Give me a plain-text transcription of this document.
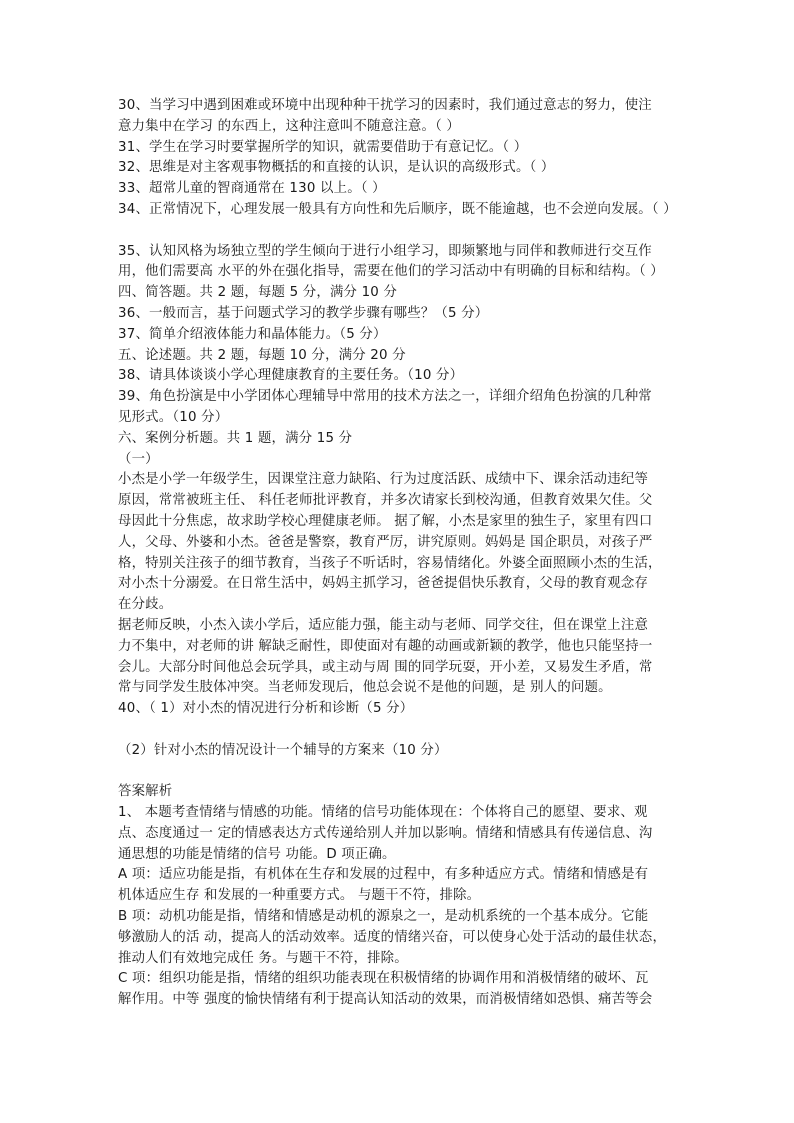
30、当学习中遇到困难或环境中出现种种干扰学习的因素时，我们通过意志的努力，使注
意力集中在学习 的东西上，这种注意叫不随意注意。（ ）
31、学生在学习时要掌握所学的知识，就需要借助于有意记忆。（ ）
32、思维是对主客观事物概括的和直接的认识，是认识的高级形式。（ ）
33、超常儿童的智商通常在 130 以上。（ ）
34、正常情况下，心理发展一般具有方向性和先后顺序，既不能逾越，也不会逆向发展。（ ）
35、认知风格为场独立型的学生倾向于进行小组学习，即频繁地与同伴和教师进行交互作
用，他们需要高 水平的外在强化指导，需要在他们的学习活动中有明确的目标和结构。（ ）
四、简答题。共 2 题，每题 5 分，满分 10 分
36、一般而言，基于问题式学习的教学步骤有哪些？（5 分）
37、简单介绍液体能力和晶体能力。（5 分）
五、论述题。共 2 题，每题 10 分，满分 20 分
38、请具体谈谈小学心理健康教育的主要任务。（10 分）
39、角色扮演是中小学团体心理辅导中常用的技术方法之一，详细介绍角色扮演的几种常
见形式。（10 分）
六、案例分析题。共 1 题，满分 15 分
（一）
小杰是小学一年级学生，因课堂注意力缺陷、行为过度活跃、成绩中下、课余活动违纪等
原因，常常被班主任、 科任老师批评教育，并多次请家长到校沟通，但教育效果欠佳。父
母因此十分焦虑，故求助学校心理健康老师。 据了解，小杰是家里的独生子，家里有四口
人，父母、外婆和小杰。爸爸是警察，教育严厉，讲究原则。妈妈是 国企职员，对孩子严
格，特别关注孩子的细节教育，当孩子不听话时，容易情绪化。外婆全面照顾小杰的生活，
对小杰十分溺爱。在日常生活中，妈妈主抓学习，爸爸提倡快乐教育，父母的教育观念存
在分歧。
据老师反映，小杰入读小学后，适应能力强，能主动与老师、同学交往，但在课堂上注意
力不集中，对老师的讲 解缺乏耐性，即使面对有趣的动画或新颖的教学，他也只能坚持一
会儿。大部分时间他总会玩学具，或主动与周 围的同学玩耍，开小差，又易发生矛盾，常
常与同学发生肢体冲突。当老师发现后，他总会说不是他的问题，是 别人的问题。
40、（ 1）对小杰的情况进行分析和诊断（5 分）
（2）针对小杰的情况设计一个辅导的方案来（10 分）
答案解析
1、 本题考查情绪与情感的功能。情绪的信号功能体现在：个体将自己的愿望、要求、观
点、态度通过一 定的情感表达方式传递给别人并加以影响。情绪和情感具有传递信息、沟
通思想的功能是情绪的信号 功能。D 项正确。
A 项：适应功能是指，有机体在生存和发展的过程中，有多种适应方式。情绪和情感是有
机体适应生存 和发展的一种重要方式。 与题干不符，排除。
B 项：动机功能是指，情绪和情感是动机的源泉之一，是动机系统的一个基本成分。它能
够激励人的活 动，提高人的活动效率。适度的情绪兴奋，可以使身心处于活动的最佳状态，
推动人们有效地完成任 务。与题干不符，排除。
C 项：组织功能是指，情绪的组织功能表现在积极情绪的协调作用和消极情绪的破坏、瓦
解作用。中等 强度的愉快情绪有利于提高认知活动的效果，而消极情绪如恐惧、痛苦等会
